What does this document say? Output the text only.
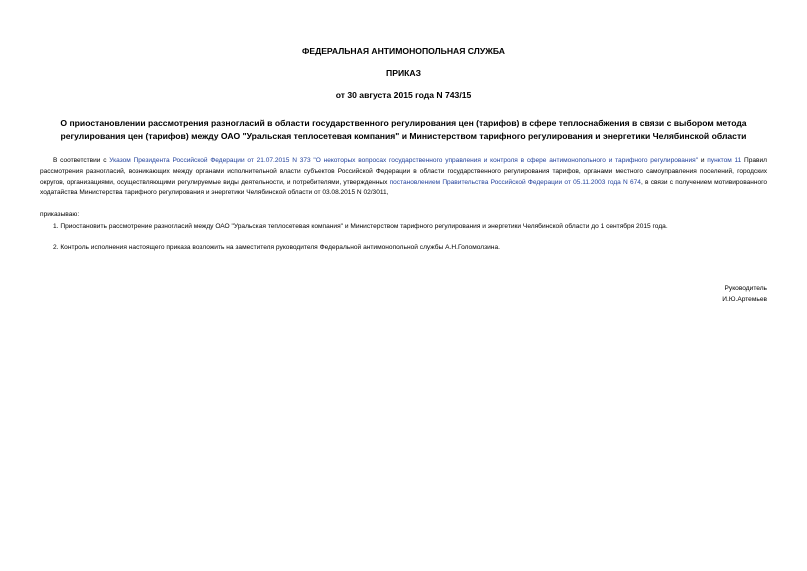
ФЕДЕРАЛЬНАЯ АНТИМОНОПОЛЬНАЯ СЛУЖБА
ПРИКАЗ
от 30 августа 2015 года N 743/15
О приостановлении рассмотрения разногласий в области государственного регулирования цен (тарифов) в сфере теплоснабжения в связи с выбором метода
регулирования цен (тарифов) между ОАО "Уральская теплосетевая компания" и Министерством тарифного регулирования и энергетики Челябинской области
В соответствии с Указом Президента Российской Федерации от 21.07.2015 N 373 "О некоторых вопросах государственного управления и контроля в сфере антимонопольного и тарифного регулирования" и пунктом 11 Правил рассмотрения разногласий, возникающих между органами исполнительной власти субъектов Российской Федерации в области государственного регулирования тарифов, органами местного самоуправления поселений, городских округов, организациями, осуществляющими регулируемые виды деятельности, и потребителями, утвержденных постановлением Правительства Российской Федерации от 05.11.2003 года N 674, в связи с получением мотивированного ходатайства Министерства тарифного регулирования и энергетики Челябинской области от 03.08.2015 N 02/3011,
приказываю:
1. Приостановить рассмотрение разногласий между ОАО "Уральская теплосетевая компания" и Министерством тарифного регулирования и энергетики Челябинской области до 1 сентября 2015 года.
2. Контроль исполнения настоящего приказа возложить на заместителя руководителя Федеральной антимонопольной службы А.Н.Голомолзина.
Руководитель
И.Ю.Артемьев
